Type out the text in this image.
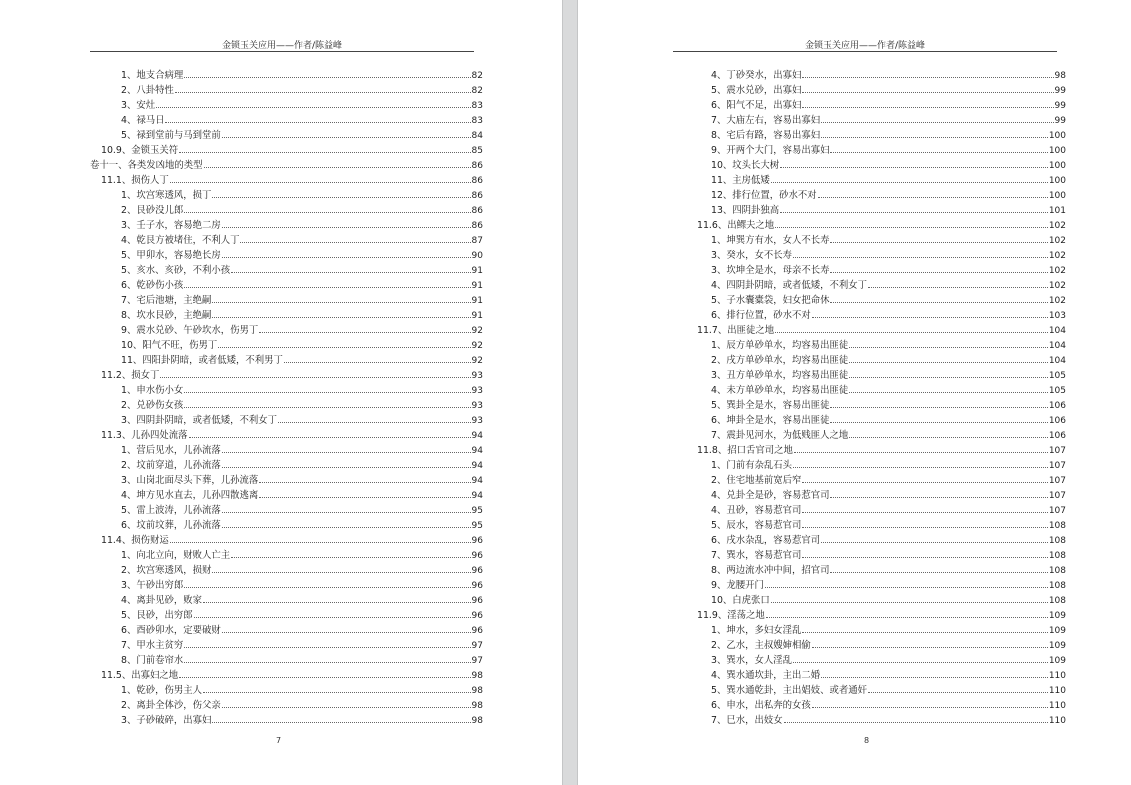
金锁玉关应用——作者/陈益峰
1、地支合病理	82
2、八卦特性	82
3、安灶	83
4、禄马日	83
5、禄到堂前与马到堂前	84
10.9、金锁玉关符	85
卷十一、各类发凶地的类型	86
11.1、损伤人丁	86
1、坎宫寒透风，损丁	86
2、艮砂没儿郎	86
3、壬子水，容易绝二房	86
4、乾艮方被堵住，不利人丁	87
5、甲卯水，容易绝长房	90
5、亥水、亥砂，不利小孩	91
6、乾砂伤小孩	91
7、宅后池塘，主绝嗣	91
8、坎水艮砂，主绝嗣	91
9、震水兑砂、午砂坎水，伤男丁	92
10、阳气不旺，伤男丁	92
11、四阳卦阴暗，或者低矮，不利男丁	92
11.2、损女丁	93
1、申水伤小女	93
2、兑砂伤女孩	93
3、四阴卦阴暗，或者低矮，不利女丁	93
11.3、儿孙四处流落	94
1、营后见水，儿孙流落	94
2、坟前穿道，儿孙流落	94
3、山岗北面尽头下葬，儿孙流落	94
4、坤方见水直去，儿孙四散逃离	94
5、雷上波涛，儿孙流落	95
6、坟前坟葬，儿孙流落	95
11.4、损伤财运	96
1、向北立向，财败人亡主	96
2、坎宫寒透风，损财	96
3、午砂出穷郎	96
4、离卦见砂，败家	96
5、艮砂，出穷郎	96
6、酉砂卯水，定要破财	96
7、甲水主贫穷	97
8、门前卷帘水	97
11.5、出寡妇之地	98
1、乾砂，伤男主人	98
2、离卦全体沙，伤父亲	98
3、子砂破碎，出寡妇	98
7
金锁玉关应用——作者/陈益峰
4、丁砂癸水，出寡妇	98
5、震水兑砂，出寡妇	99
6、阳气不足，出寡妇	99
7、大庙左右，容易出寡妇	99
8、宅后有路，容易出寡妇	100
9、开两个大门，容易出寡妇	100
10、坟头长大树	100
11、主房低矮	100
12、排行位置，砂水不对	100
13、四阴卦独高	101
11.6、出鳏夫之地	102
1、坤巽方有水，女人不长寿	102
3、癸水，女不长寿	102
3、坎坤全是水，母亲不长寿	102
4、四阴卦阴暗，或者低矮，不利女丁	102
5、子水囊橐袋，妇女把命休	102
6、排行位置，砂水不对	103
11.7、出匪徒之地	104
1、辰方单砂单水，均容易出匪徒	104
2、戌方单砂单水，均容易出匪徒	104
3、丑方单砂单水，均容易出匪徒	105
4、未方单砂单水，均容易出匪徒	105
5、巽卦全是水，容易出匪徒	106
6、坤卦全是水，容易出匪徒	106
7、震卦见河水，为低贱匪人之地	106
11.8、招口舌官司之地	107
1、门前有杂乱石头	107
2、住宅地基前宽后窄	107
4、兑卦全是砂，容易惹官司	107
4、丑砂，容易惹官司	107
5、辰水，容易惹官司	108
6、戌水杂乱，容易惹官司	108
7、巽水，容易惹官司	108
8、两边流水冲中间，招官司	108
9、龙腰开门	108
10、白虎张口	108
11.9、淫荡之地	109
1、坤水，多妇女淫乱	109
2、乙水，主叔嫂婶相偷	109
3、巽水，女人淫乱	109
4、巽水通坎卦，主出二婚	110
5、巽水通乾卦，主出娼妓、或者通奸	110
6、申水，出私奔的女孩	110
7、巳水，出妓女	110
8
